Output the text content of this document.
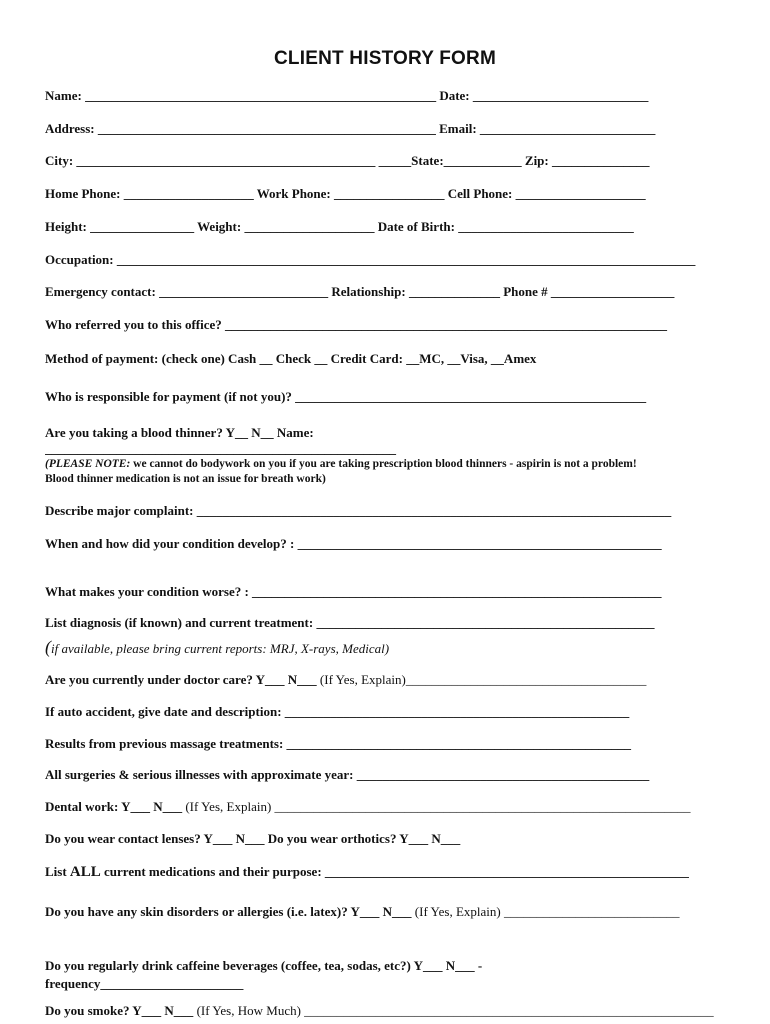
CLIENT HISTORY FORM
Name: ______________________________________________________ Date: ___________________________
Address: ____________________________________________________ Email: ___________________________
City: ______________________________________________ _____State:____________ Zip: _______________
Home Phone: ____________________ Work Phone: _________________ Cell Phone: ____________________
Height: ________________ Weight: ____________________ Date of Birth: ___________________________
Occupation: _________________________________________________________________________________________
Emergency contact: __________________________ Relationship: ______________ Phone # ___________________
Who referred you to this office? ____________________________________________________________________
Method of payment: (check one) Cash __ Check __ Credit Card: __MC, __Visa, __Amex
Who is responsible for payment (if not you)? ______________________________________________________
Are you taking a blood thinner? Y__ N__ Name:
______________________________________________________
(PLEASE NOTE: we cannot do bodywork on you if you are taking prescription blood thinners - aspirin is not a problem!
Blood thinner medication is not an issue for breath work)
Describe major complaint: _________________________________________________________________________
When and how did your condition develop? : ________________________________________________________
What makes your condition worse? : _______________________________________________________________
List diagnosis (if known) and current treatment: ____________________________________________________
(if available, please bring current reports: MRJ, X-rays, Medical)
Are you currently under doctor care? Y___ N___ (If Yes, Explain)_____________________________________
If auto accident, give date and description: _____________________________________________________
Results from previous massage treatments: _____________________________________________________
All surgeries & serious illnesses with approximate year: _____________________________________________
Dental work: Y___ N___ (If Yes, Explain) ________________________________________________________________
Do you wear contact lenses? Y___ N___ Do you wear orthotics? Y___ N___
List ALL current medications and their purpose: ________________________________________________________
Do you have any skin disorders or allergies (i.e. latex)? Y___ N___ (If Yes, Explain) ___________________________
Do you regularly drink caffeine beverages (coffee, tea, sodas, etc?) Y___ N___ -
frequency______________________
Do you smoke? Y___ N___ (If Yes, How Much) _______________________________________________________________
